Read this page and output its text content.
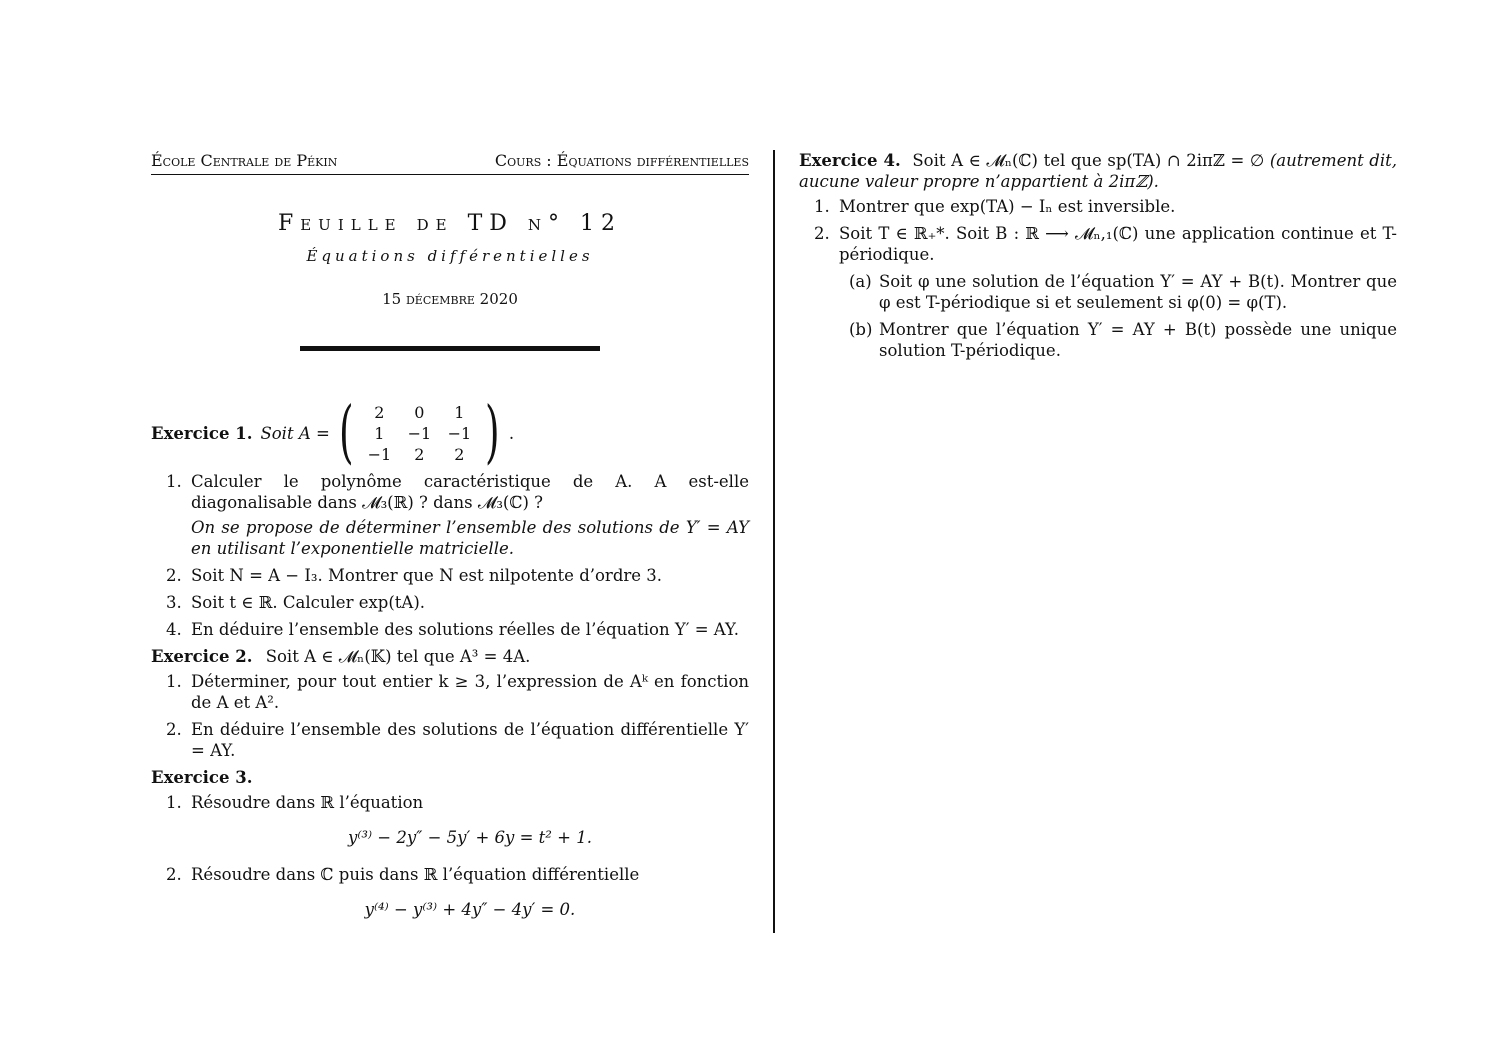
École Centrale de Pékin	Cours : Équations différentielles
Feuille de TD n° 12
Équations différentielles
15 décembre 2020
Exercice 1. Soit A = (	2	0	1
1	−1	−1
−1	2	2 ) .
1. Calculer le polynôme caractéristique de A. A est-elle diagonalisable dans 𝓜₃(ℝ) ? dans 𝓜₃(ℂ) ?
On se propose de déterminer l’ensemble des solutions de Y′ = AY en utilisant l’exponentielle matricielle.
2. Soit N = A − I₃. Montrer que N est nilpotente d’ordre 3.
3. Soit t ∈ ℝ. Calculer exp(tA).
4. En déduire l’ensemble des solutions réelles de l’équation Y′ = AY.
Exercice 2. Soit A ∈ 𝓜ₙ(𝕂) tel que A³ = 4A.
1. Déterminer, pour tout entier k ≥ 3, l’expression de Aᵏ en fonction de A et A².
2. En déduire l’ensemble des solutions de l’équation différentielle Y′ = AY.
Exercice 3.
1. Résoudre dans ℝ l’équation
y⁽³⁾ − 2y″ − 5y′ + 6y = t² + 1.
2. Résoudre dans ℂ puis dans ℝ l’équation différentielle
y⁽⁴⁾ − y⁽³⁾ + 4y″ − 4y′ = 0.
Exercice 4. Soit A ∈ 𝓜ₙ(ℂ) tel que sp(TA) ∩ 2iπℤ = ∅ (autrement dit, aucune valeur propre n’appartient à 2iπℤ).
1. Montrer que exp(TA) − Iₙ est inversible.
2. Soit T ∈ ℝ₊*. Soit B : ℝ ⟶ 𝓜ₙ,₁(ℂ) une application continue et T-périodique.
(a) Soit φ une solution de l’équation Y′ = AY + B(t). Montrer que φ est T-périodique si et seulement si φ(0) = φ(T).
(b) Montrer que l’équation Y′ = AY + B(t) possède une unique solution T-périodique.
